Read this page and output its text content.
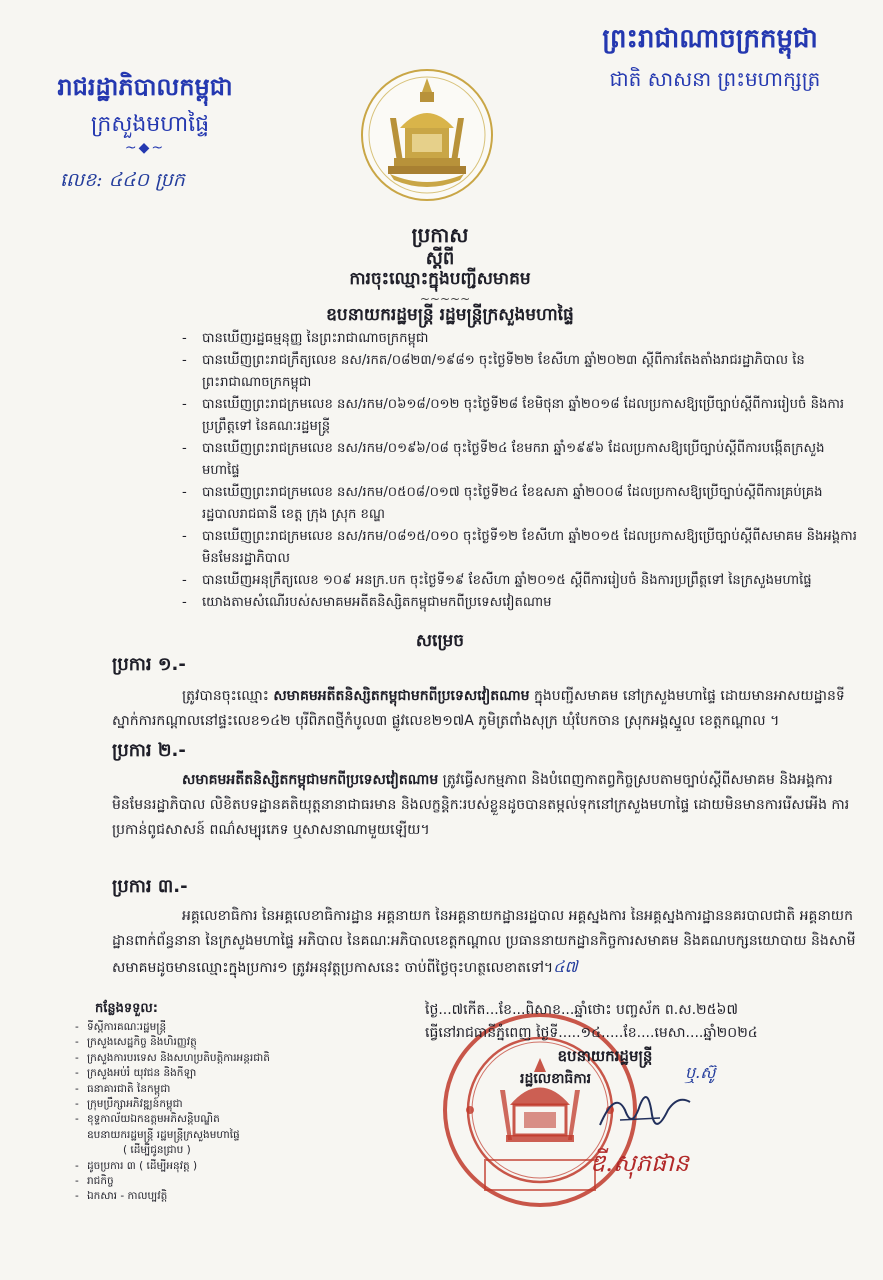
ព្រះរាជាណាចក្រកម្ពុជា
ជាតិ សាសនា ព្រះមហាក្សត្រ
រាជរដ្ឋាភិបាលកម្ពុជា
ក្រសួងមហាផ្ទៃ
~◆~
លេខ: ៤៤០ ប្រក
ប្រកាស
ស្ដីពី
ការចុះឈ្មោះក្នុងបញ្ជីសមាគម
~~~~~
ឧបនាយករដ្ឋមន្ត្រី រដ្ឋមន្ត្រីក្រសួងមហាផ្ទៃ
- បានឃើញរដ្ឋធម្មនុញ្ញ នៃព្រះរាជាណាចក្រកម្ពុជា
- បានឃើញព្រះរាជក្រឹត្យលេខ នស/រកត/០៨២៣/១៩៨១ ចុះថ្ងៃទី២២ ខែសីហា ឆ្នាំ២០២៣ ស្ដីពីការតែងតាំងរាជរដ្ឋាភិបាល នៃព្រះរាជាណាចក្រកម្ពុជា
- បានឃើញព្រះរាជក្រមលេខ នស/រកម/០៦១៨/០១២ ចុះថ្ងៃទី២៨ ខែមិថុនា ឆ្នាំ២០១៨ ដែលប្រកាសឱ្យប្រើច្បាប់ស្ដីពីការរៀបចំ និងការប្រព្រឹត្តទៅ នៃគណៈរដ្ឋមន្ត្រី
- បានឃើញព្រះរាជក្រមលេខ នស/រកម/០១៩៦/០៨ ចុះថ្ងៃទី២៤ ខែមករា ឆ្នាំ១៩៩៦ ដែលប្រកាសឱ្យប្រើច្បាប់ស្ដីពីការបង្កើតក្រសួងមហាផ្ទៃ
- បានឃើញព្រះរាជក្រមលេខ នស/រកម/០៥០៨/០១៧ ចុះថ្ងៃទី២៤ ខែឧសភា ឆ្នាំ២០០៨ ដែលប្រកាសឱ្យប្រើច្បាប់ស្ដីពីការគ្រប់គ្រងរដ្ឋបាលរាជធានី ខេត្ត ក្រុង ស្រុក ខណ្ឌ
- បានឃើញព្រះរាជក្រមលេខ នស/រកម/០៨១៥/០១០ ចុះថ្ងៃទី១២ ខែសីហា ឆ្នាំ២០១៥ ដែលប្រកាសឱ្យប្រើច្បាប់ស្ដីពីសមាគម និងអង្គការមិនមែនរដ្ឋាភិបាល
- បានឃើញអនុក្រឹត្យលេខ ១០៩ អនក្រ.បក ចុះថ្ងៃទី១៩ ខែសីហា ឆ្នាំ២០១៥ ស្ដីពីការរៀបចំ និងការប្រព្រឹត្តទៅ នៃក្រសួងមហាផ្ទៃ
- យោងតាមសំណើរបស់សមាគមអតីតនិស្សិតកម្ពុជាមកពីប្រទេសវៀតណាម
សម្រេច
ប្រការ ១.-
ត្រូវបានចុះឈ្មោះ សមាគមអតីតនិស្សិតកម្ពុជាមកពីប្រទេសវៀតណាម ក្នុងបញ្ជីសមាគម នៅក្រសួងមហាផ្ទៃ ដោយមានអាសយដ្ឋានទីស្នាក់ការកណ្ដាលនៅផ្ទះលេខ១៤២ បុរីពិភពថ្មីកំបូល៣ ផ្លូវលេខ២១៧A ភូមិត្រពាំងសុក្រ ឃុំបែកចាន ស្រុកអង្គស្នួល ខេត្តកណ្ដាល ។
ប្រការ ២.-
សមាគមអតីតនិស្សិតកម្ពុជាមកពីប្រទេសវៀតណាម ត្រូវធ្វើសកម្មភាព និងបំពេញកាតព្វកិច្ចស្របតាមច្បាប់ស្ដីពីសមាគម និងអង្គការមិនមែនរដ្ឋាភិបាល លិខិតបទដ្ឋានគតិយុត្តនានាជាធរមាន និងលក្ខន្តិកៈរបស់ខ្លួនដូចបានតម្កល់ទុកនៅក្រសួងមហាផ្ទៃ ដោយមិនមានការរើសអើង ការប្រកាន់ពូជសាសន៍ ពណ៌សម្បុរភេទ ឬសាសនាណាមួយឡើយ។
ប្រការ ៣.-
អគ្គលេខាធិការ នៃអគ្គលេខាធិការដ្ឋាន អគ្គនាយក នៃអគ្គនាយកដ្ឋានរដ្ឋបាល អគ្គស្នងការ នៃអគ្គស្នងការដ្ឋាននគរបាលជាតិ អគ្គនាយកដ្ឋានពាក់ព័ន្ធនានា នៃក្រសួងមហាផ្ទៃ អភិបាល នៃគណៈអភិបាលខេត្តកណ្ដាល ប្រធាននាយកដ្ឋានកិច្ចការសមាគម និងគណបក្សនយោបាយ និងសាមីសមាគមដូចមានឈ្មោះក្នុងប្រការ១ ត្រូវអនុវត្តប្រកាសនេះ ចាប់ពីថ្ងៃចុះហត្ថលេខាតទៅ។៤៧
កន្លែងទទួល:
- ទីស្ដីការគណៈរដ្ឋមន្ត្រី
- ក្រសួងសេដ្ឋកិច្ច និងហិរញ្ញវត្ថុ
- ក្រសួងការបរទេស និងសហប្រតិបត្តិការអន្តរជាតិ
- ក្រសួងអប់រំ យុវជន និងកីឡា
- ធនាគារជាតិ នៃកម្ពុជា
- ក្រុមប្រឹក្សាអភិវឌ្ឍន៍កម្ពុជា
- ខុទ្ទកាល័យឯកឧត្ដមអភិសន្តិបណ្ឌិត
ឧបនាយករដ្ឋមន្ត្រី រដ្ឋមន្ត្រីក្រសួងមហាផ្ទៃ
( ដើម្បីជូនជ្រាប )
- ដូចប្រការ ៣ ( ដើម្បីអនុវត្ត )
- រាជកិច្ច
- ឯកសារ - កាលប្បវត្តិ
ថ្ងៃ...៧កើត...ខែ...ពិសាខ...ឆ្នាំថោះ បញ្ចស័ក ព.ស.២៥៦៧
ធ្វើនៅរាជធានីភ្នំពេញ ថ្ងៃទី.....១៤.....ខែ....មេសា....ឆ្នាំ២០២៤
ឧបនាយករដ្ឋមន្ត្រី
រដ្ឋលេខាធិការ	ឬ.ស៊ូ
ឌី.សុភផាន
